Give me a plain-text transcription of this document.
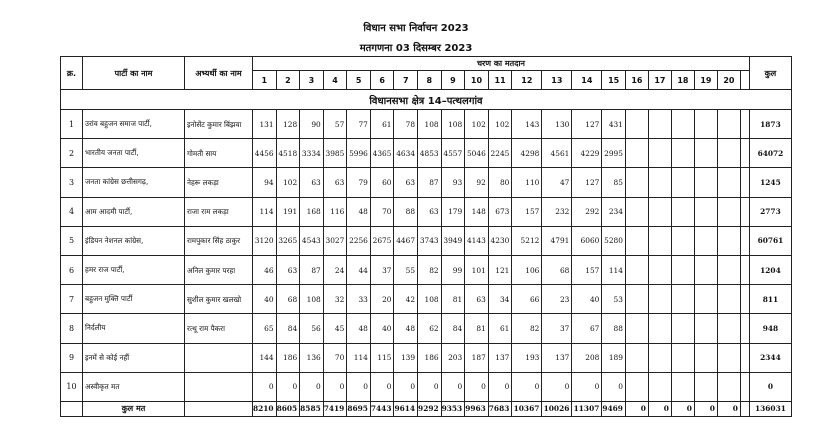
विधान सभा निर्वाचन 2023
मतगणना 03 दिसम्बर 2023
क्र.	पार्टी का नाम	अभ्यर्थी का नाम	चरण का मतदान																					कुल
			1	2	3	4	5	6	7	8	9	10	11	12	13	14	15	16	17	18	19	20		
विधानसभा क्षेत्र 14–पत्थलगांव																								
1	उरांव बहुजन समाज पार्टी,	इनोसेंट कुमार बिंझवा	131	128	90	57	77	61	78	108	108	102	102	143	130	127	431							1873
2	भारतीय जनता पार्टी,	गोमती साय	4456	4518	3334	3985	5996	4365	4634	4853	4557	5046	2245	4298	4561	4229	2995							64072
3	जनता कांग्रेस छत्तीसगढ़,	नेहरू लकड़ा	94	102	63	63	79	60	63	87	93	92	80	110	47	127	85							1245
4	आम आदमी पार्टी,	राजा राम लकड़ा	114	191	168	116	48	70	88	63	179	148	673	157	232	292	234							2773
5	इंडियन नेशनल कांग्रेस,	रामपुकार सिंह ठाकुर	3120	3265	4543	3027	2256	2675	4467	3743	3949	4143	4230	5212	4791	6060	5280							60761
6	हमर राज पार्टी,	अनिल कुमार परहा	46	63	87	24	44	37	55	82	99	101	121	106	68	157	114							1204
7	बहुजन मुक्ति पार्टी	सुशील कुमार खलखो	40	68	108	32	33	20	42	108	81	63	34	66	23	40	53							811
8	निर्दलीय	रत्थू राम पैकरा	65	84	56	45	48	40	48	62	84	81	61	82	37	67	88							948
9	इनमें से कोई नहीं		144	186	136	70	114	115	139	186	203	187	137	193	137	208	189							2344
10	अस्वीकृत मत		0	0	0	0	0	0	0	0	0	0	0	0	0	0	0							0
	कुल मत		8210	8605	8585	7419	8695	7443	9614	9292	9353	9963	7683	10367	10026	11307	9469	0	0	0	0	0		136031
